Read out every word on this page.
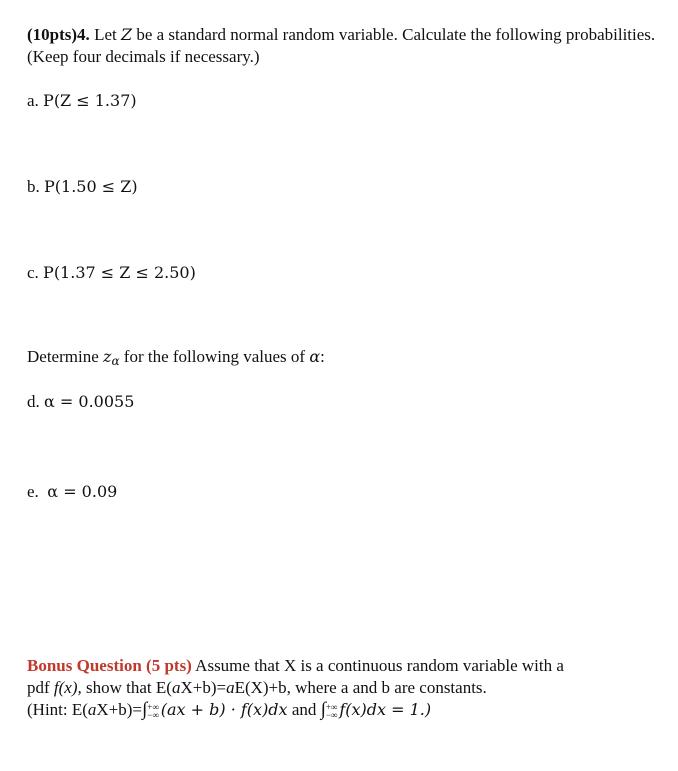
(10pts)4. Let Z be a standard normal random variable. Calculate the following probabilities. (Keep four decimals if necessary.)

a. P(Z ≤ 1.37)

b. P(1.50 ≤ Z)

c. P(1.37 ≤ Z ≤ 2.50)

Determine zα for the following values of α:

d. α = 0.0055

e. α = 0.09

Bonus Question (5 pts) Assume that X is a continuous random variable with a

pdf f(x), show that E(aX+b)=aE(X)+b, where a and b are constants.

(Hint: E(aX+b)=∫ +∞
−∞ (ax + b) · f(x)dx and ∫ +∞
−∞ f(x)dx = 1.)
